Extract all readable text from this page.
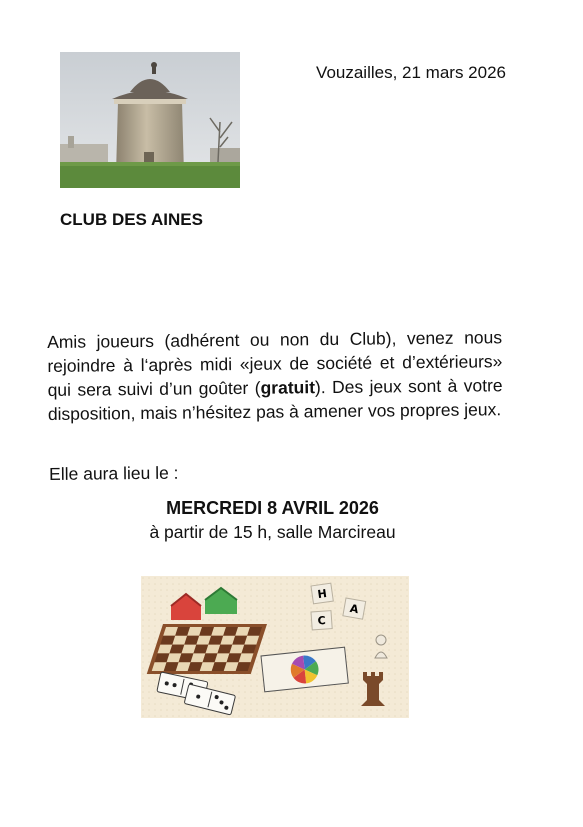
Vouzailles, 21 mars 2026
CLUB DES AINES
Amis joueurs (adhérent ou non du Club), venez nous rejoindre à l‘après midi «jeux de société et d’extérieurs» qui sera suivi d’un goûter (gratuit). Des jeux sont à votre disposition, mais n’hésitez pas à amener vos propres jeux.
Elle aura lieu le :
MERCREDI 8 AVRIL 2026
à partir de 15 h, salle Marcireau
H
A
C
